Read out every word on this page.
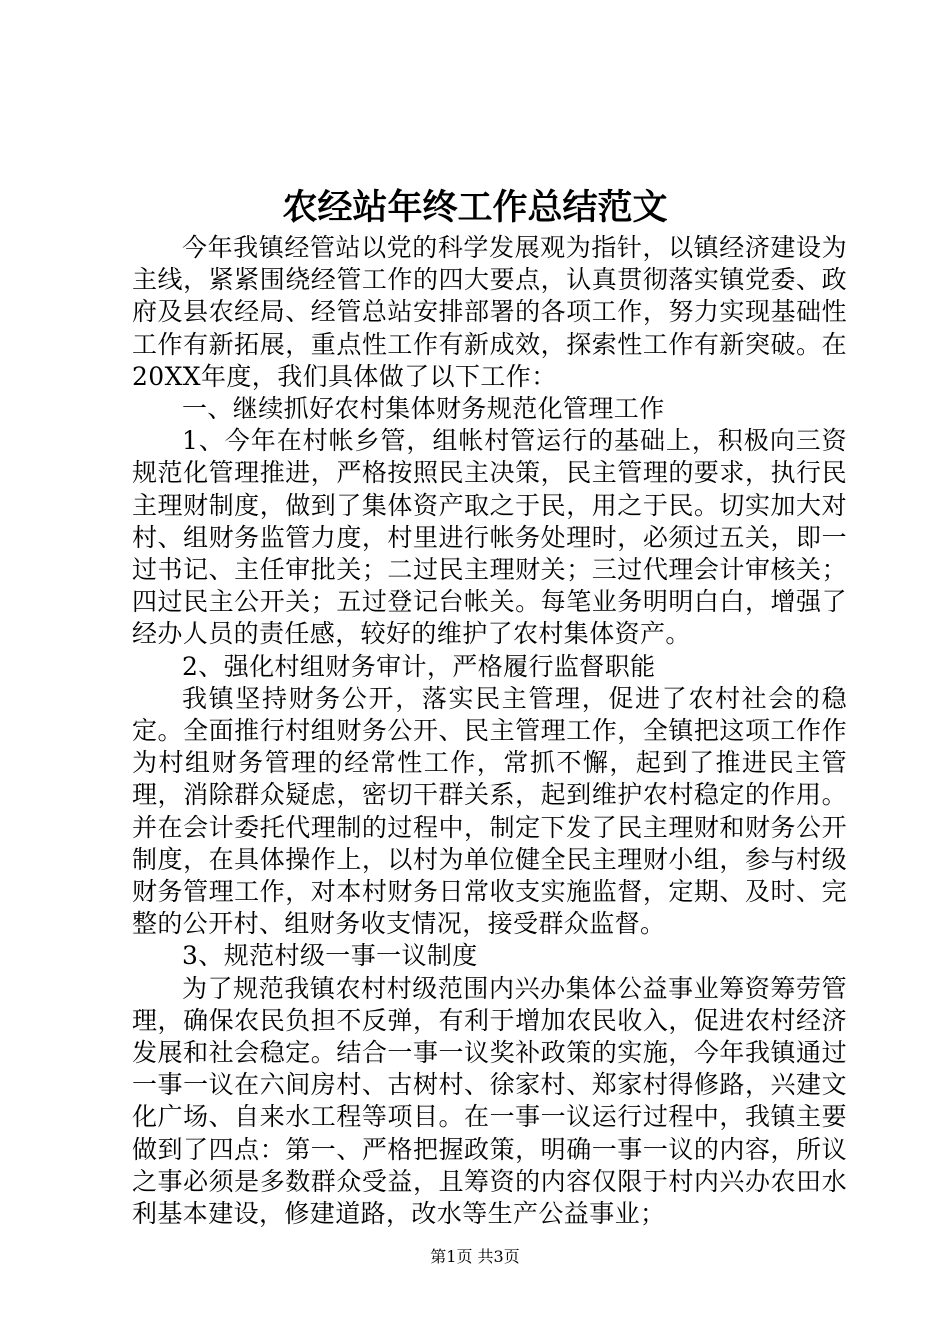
农经站年终工作总结范文

今年我镇经管站以党的科学发展观为指针，以镇经济建设为主线，紧紧围绕经管工作的四大要点，认真贯彻落实镇党委、政府及县农经局、经管总站安排部署的各项工作，努力实现基础性工作有新拓展，重点性工作有新成效，探索性工作有新突破。在20XX年度，我们具体做了以下工作：

一、继续抓好农村集体财务规范化管理工作

1、今年在村帐乡管，组帐村管运行的基础上，积极向三资规范化管理推进，严格按照民主决策，民主管理的要求，执行民主理财制度，做到了集体资产取之于民，用之于民。切实加大对村、组财务监管力度，村里进行帐务处理时，必须过五关，即一过书记、主任审批关；二过民主理财关；三过代理会计审核关；四过民主公开关；五过登记台帐关。每笔业务明明白白，增强了经办人员的责任感，较好的维护了农村集体资产。

2、强化村组财务审计，严格履行监督职能

我镇坚持财务公开，落实民主管理，促进了农村社会的稳定。全面推行村组财务公开、民主管理工作，全镇把这项工作作为村组财务管理的经常性工作，常抓不懈，起到了推进民主管理，消除群众疑虑，密切干群关系，起到维护农村稳定的作用。并在会计委托代理制的过程中，制定下发了民主理财和财务公开制度，在具体操作上，以村为单位健全民主理财小组，参与村级财务管理工作，对本村财务日常收支实施监督，定期、及时、完整的公开村、组财务收支情况，接受群众监督。

3、规范村级一事一议制度

为了规范我镇农村村级范围内兴办集体公益事业筹资筹劳管理，确保农民负担不反弹，有利于增加农民收入，促进农村经济发展和社会稳定。结合一事一议奖补政策的实施，今年我镇通过一事一议在六间房村、古树村、徐家村、郑家村得修路，兴建文化广场、自来水工程等项目。在一事一议运行过程中，我镇主要做到了四点：第一、严格把握政策，明确一事一议的内容，所议之事必须是多数群众受益，且筹资的内容仅限于村内兴办农田水利基本建设，修建道路，改水等生产公益事业；

第1页 共3页
